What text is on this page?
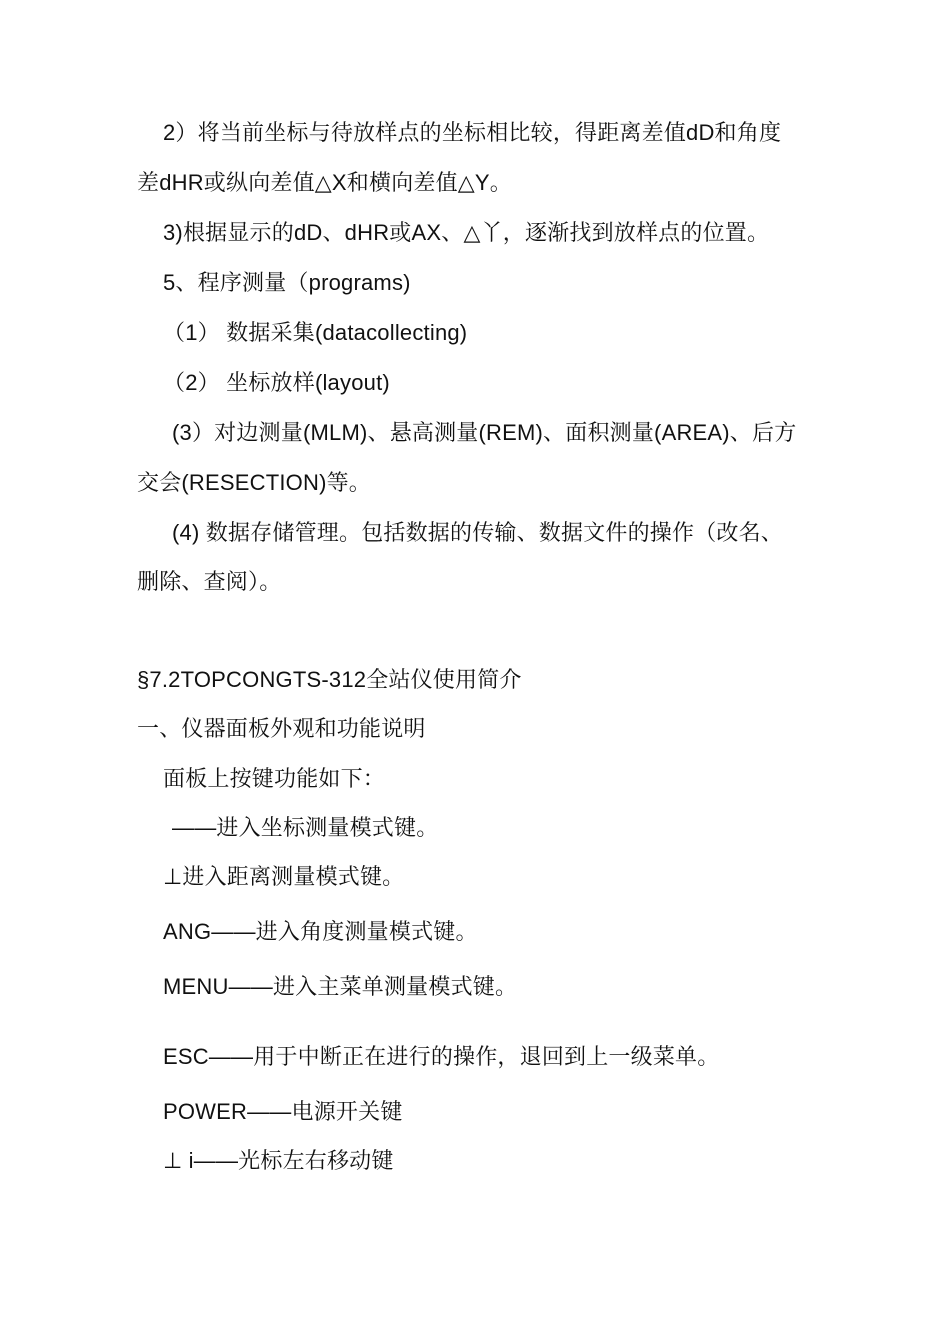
2）将当前坐标与待放样点的坐标相比较，得距离差值dD和角度
差dHR或纵向差值△X和横向差值△Y。
3)根据显示的dD、dHR或AX、△丫，逐渐找到放样点的位置。
5、程序测量（programs)
（1） 数据采集(datacollecting)
（2） 坐标放样(layout)
(3）对边测量(MLM)、悬高测量(REM)、面积测量(AREA)、后方
交会(RESECTION)等。
(4) 数据存储管理。包括数据的传输、数据文件的操作（改名、
删除、查阅）。
§7.2TOPCONGTS-312全站仪使用简介
一、仪器面板外观和功能说明
面板上按键功能如下：
——进入坐标测量模式键。
⊥进入距离测量模式键。
ANG——进入角度测量模式键。
MENU——进入主菜单测量模式键。
ESC——用于中断正在进行的操作，退回到上一级菜单。
POWER——电源开关键
⊥ i——光标左右移动键
